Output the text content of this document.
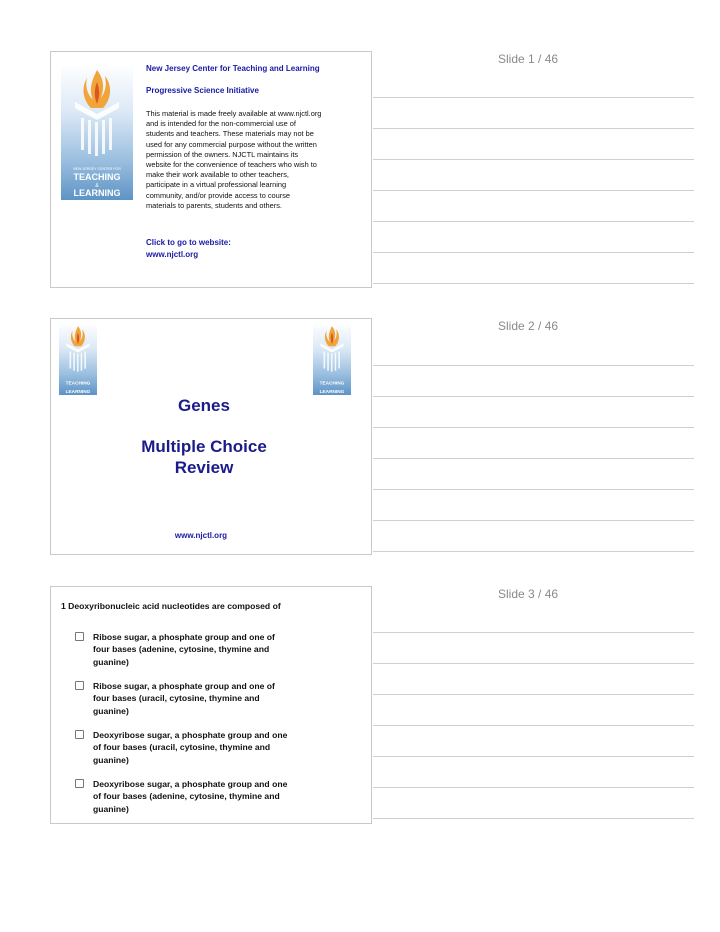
Slide 1 / 46
NEW JERSEY CENTER FOR
TEACHING
&
LEARNING
New Jersey Center for Teaching and Learning
Progressive Science Initiative
This material is made freely available at www.njctl.org
and is intended for the non-commercial use of
students and teachers. These materials may not be
used for any commercial purpose without the written
permission of the owners. NJCTL maintains its
website for the convenience of teachers who wish to
make their work available to other teachers,
participate in a virtual professional learning
community, and/or provide access to course
materials to parents, students and others.
Click to go to website:
www.njctl.org
Slide 2 / 46
TEACHING
LEARNING
TEACHING
LEARNING
Genes
Multiple Choice
Review
www.njctl.org
Slide 3 / 46
1 Deoxyribonucleic acid nucleotides are composed of
Ribose sugar, a phosphate group and one of
four bases (adenine, cytosine, thymine and
guanine)
Ribose sugar, a phosphate group and one of
four bases (uracil, cytosine, thymine and
guanine)
Deoxyribose sugar, a phosphate group and one
of four bases (uracil, cytosine, thymine and
guanine)
Deoxyribose sugar, a phosphate group and one
of four bases (adenine, cytosine, thymine and
guanine)
